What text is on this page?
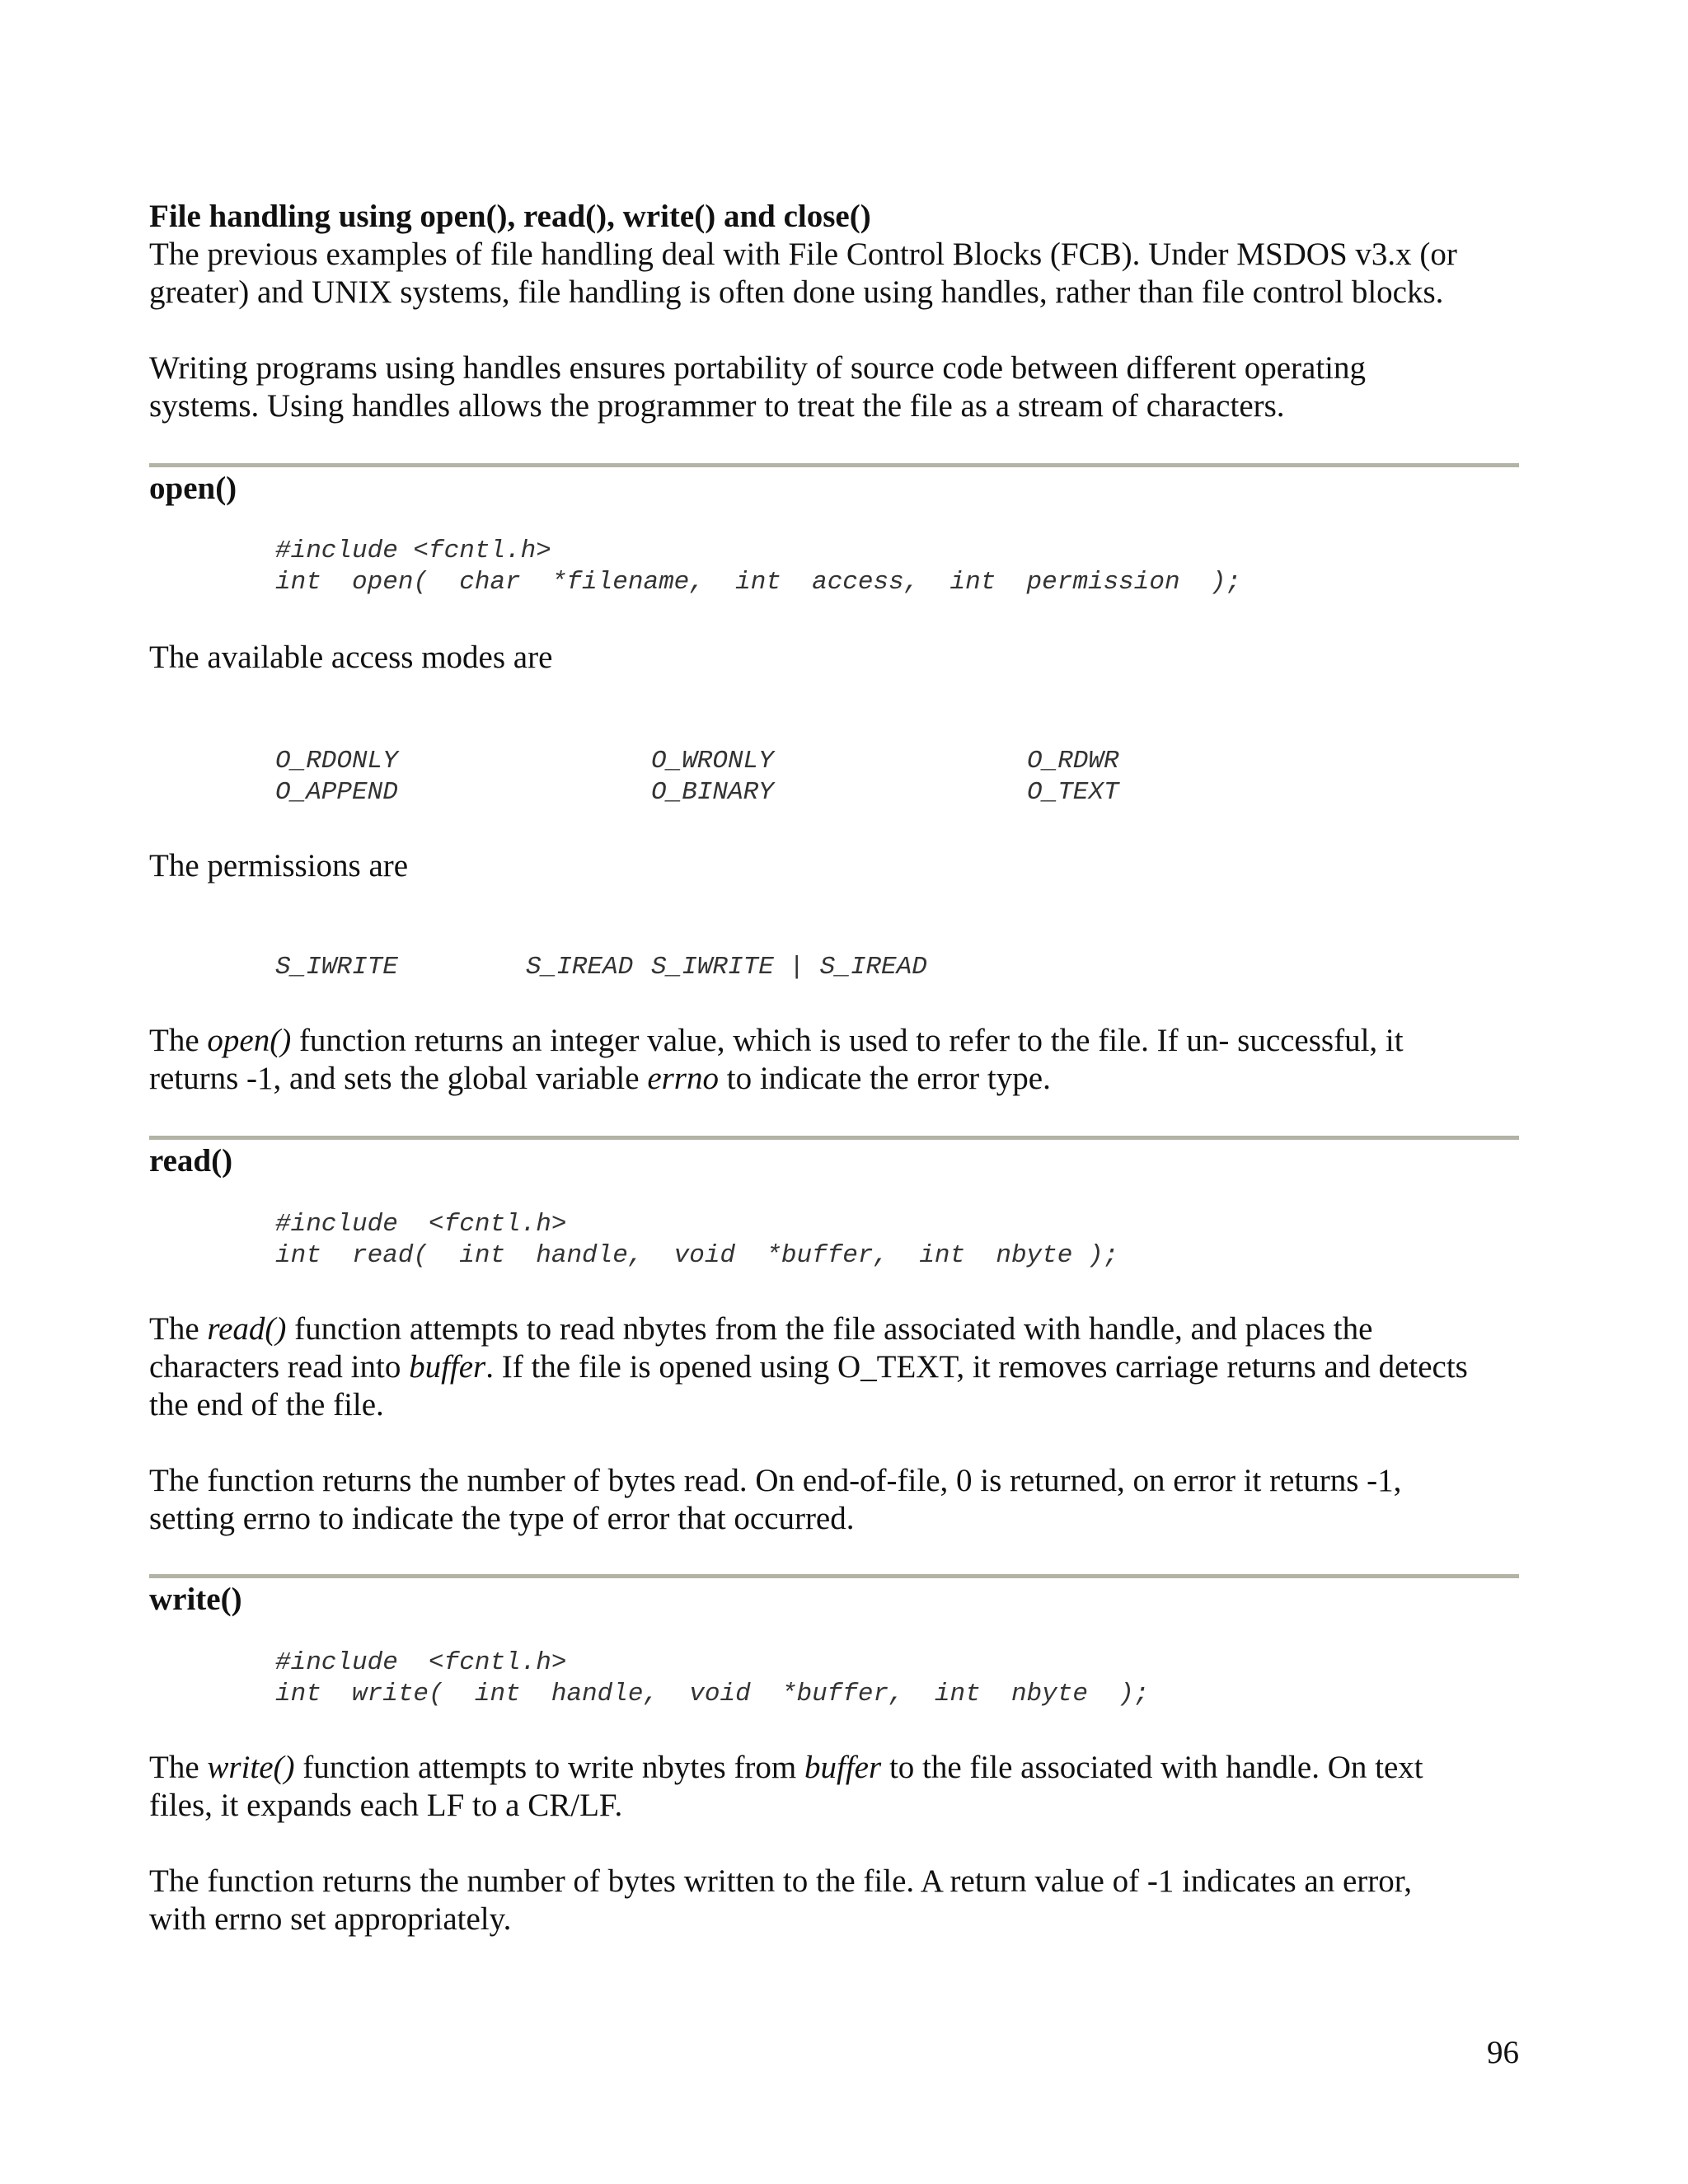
File handling using open(), read(), write() and close()

The previous examples of file handling deal with File Control Blocks (FCB). Under MSDOS v3.x (or

greater) and UNIX systems, file handling is often done using handles, rather than file control blocks.

Writing programs using handles ensures portability of source code between different operating

systems. Using handles allows the programmer to treat the file as a stream of characters.

open()

#include <fcntl.h>

int  open(  char  *filename,  int  access,  int  permission  );

The available access modes are

O_RDONLY	O_WRONLY	O_RDWR

O_APPEND	O_BINARY	O_TEXT

The permissions are

S_IWRITE	S_IREAD S_IWRITE | S_IREAD

The open() function returns an integer value, which is used to refer to the file. If un- successful, it

returns -1, and sets the global variable errno to indicate the error type.

read()

#include  <fcntl.h>

int  read(  int  handle,  void  *buffer,  int  nbyte );

The read() function attempts to read nbytes from the file associated with handle, and places the

characters read into buffer. If the file is opened using O_TEXT, it removes carriage returns and detects

the end of the file.

The function returns the number of bytes read. On end-of-file, 0 is returned, on error it returns -1,

setting errno to indicate the type of error that occurred.

write()

#include  <fcntl.h>

int  write(  int  handle,  void  *buffer,  int  nbyte  );

The write() function attempts to write nbytes from buffer to the file associated with handle. On text

files, it expands each LF to a CR/LF.

The function returns the number of bytes written to the file. A return value of -1 indicates an error,

with errno set appropriately.

96
